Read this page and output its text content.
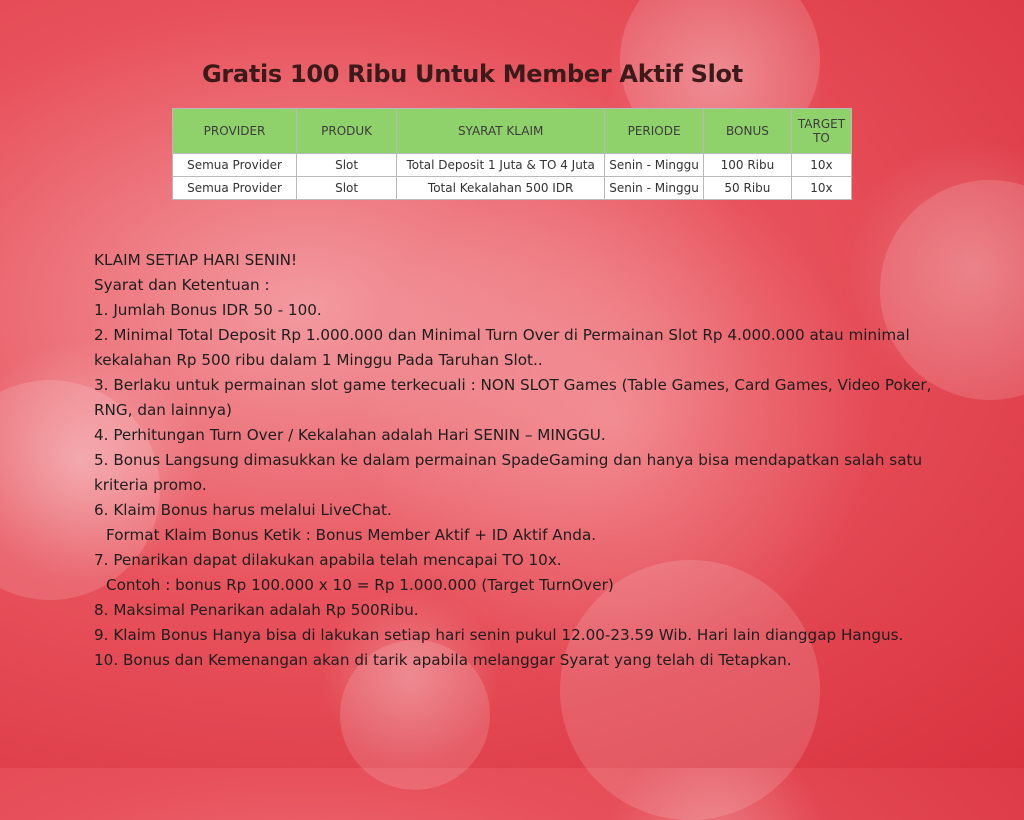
Gratis 100 Ribu Untuk Member Aktif Slot
PROVIDER	PRODUK	SYARAT KLAIM	PERIODE	BONUS	TARGET TO
Semua Provider	Slot	Total Deposit 1 Juta & TO 4 Juta	Senin - Minggu	100 Ribu	10x
Semua Provider	Slot	Total Kekalahan 500 IDR	Senin - Minggu	50 Ribu	10x

KLAIM SETIAP HARI SENIN!

Syarat dan Ketentuan :

1. Jumlah Bonus IDR 50 - 100.

2. Minimal Total Deposit Rp 1.000.000 dan Minimal Turn Over di Permainan Slot Rp 4.000.000 atau minimal kekalahan Rp 500 ribu dalam 1 Minggu Pada Taruhan Slot..

3. Berlaku untuk permainan slot game terkecuali : NON SLOT Games (Table Games, Card Games, Video Poker, RNG, dan lainnya)

4. Perhitungan Turn Over / Kekalahan adalah Hari SENIN – MINGGU.

5. Bonus Langsung dimasukkan ke dalam permainan SpadeGaming dan hanya bisa mendapatkan salah satu kriteria promo.

6. Klaim Bonus harus melalui LiveChat.

Format Klaim Bonus Ketik : Bonus Member Aktif + ID Aktif Anda.

7. Penarikan dapat dilakukan apabila telah mencapai TO 10x.

Contoh : bonus Rp 100.000 x 10 = Rp 1.000.000 (Target TurnOver)

8. Maksimal Penarikan adalah Rp 500Ribu.

9. Klaim Bonus Hanya bisa di lakukan setiap hari senin pukul 12.00-23.59 Wib. Hari lain dianggap Hangus.

10. Bonus dan Kemenangan akan di tarik apabila melanggar Syarat yang telah di Tetapkan.
